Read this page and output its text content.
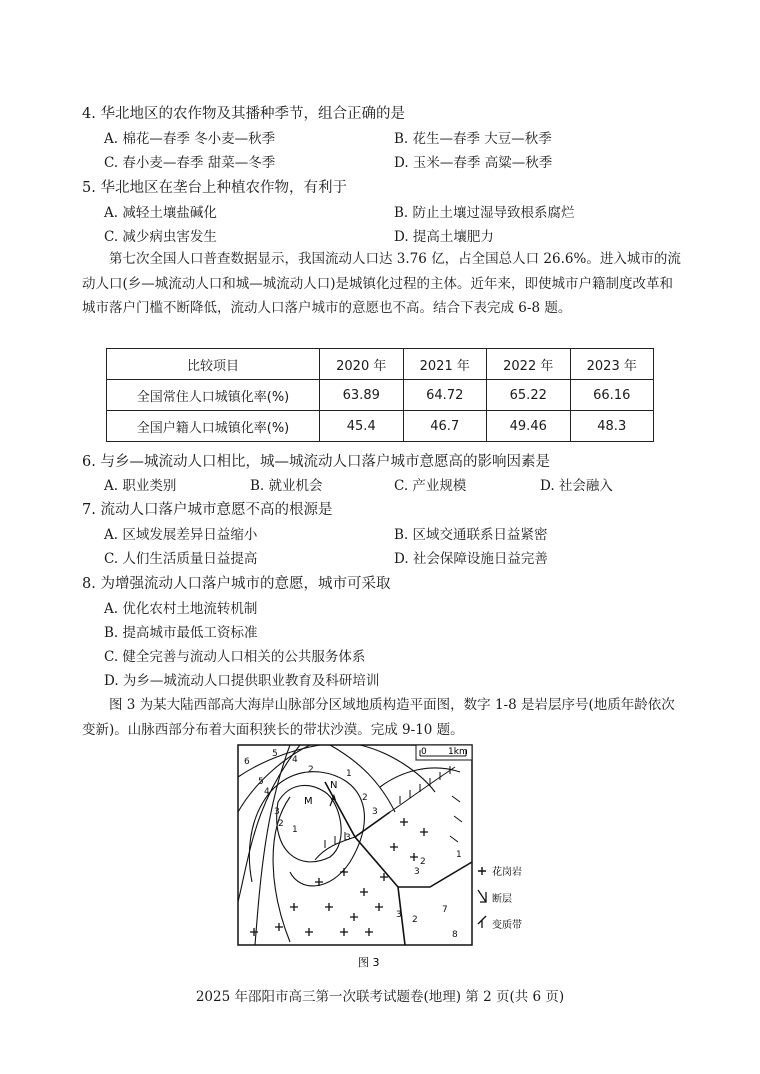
4. 华北地区的农作物及其播种季节，组合正确的是
A. 棉花—春季 冬小麦—秋季	B. 花生—春季 大豆—秋季
C. 春小麦—春季 甜菜—冬季	D. 玉米—春季 高粱—秋季
5. 华北地区在垄台上种植农作物，有利于
A. 减轻土壤盐碱化	B. 防止土壤过湿导致根系腐烂
C. 减少病虫害发生	D. 提高土壤肥力
第七次全国人口普查数据显示，我国流动人口达 3.76 亿，占全国总人口 26.6%。进入城市的流动人口(乡—城流动人口和城—城流动人口)是城镇化过程的主体。近年来，即使城市户籍制度改革和城市落户门槛不断降低，流动人口落户城市的意愿也不高。结合下表完成 6-8 题。
比较项目	2020 年	2021 年	2022 年	2023 年
全国常住人口城镇化率(%)	63.89	64.72	65.22	66.16
全国户籍人口城镇化率(%)	45.4	46.7	49.46	48.3
6. 与乡—城流动人口相比，城—城流动人口落户城市意愿高的影响因素是
A. 职业类别	B. 就业机会	C. 产业规模	D. 社会融入
7. 流动人口落户城市意愿不高的根源是
A. 区域发展差异日益缩小	B. 区域交通联系日益紧密
C. 人们生活质量日益提高	D. 社会保障设施日益完善
8. 为增强流动人口落户城市的意愿，城市可采取
A. 优化农村土地流转机制
B. 提高城市最低工资标准
C. 健全完善与流动人口相关的公共服务体系
D. 为乡—城流动人口提供职业教育及科研培训
图 3 为某大陆西部高大海岸山脉部分区域地质构造平面图，数字 1-8 是岩层序号(地质年龄依次变新)。山脉西部分布着大面积狭长的带状沙漠。完成 9-10 题。
0 1km
6
5
4
5
4
2	1
3
2
1
2
3
3
3
2
1
3 2
7
8
M
N
花岗岩
断层
变质带
图 3
2025 年邵阳市高三第一次联考试题卷(地理) 第 2 页(共 6 页)
